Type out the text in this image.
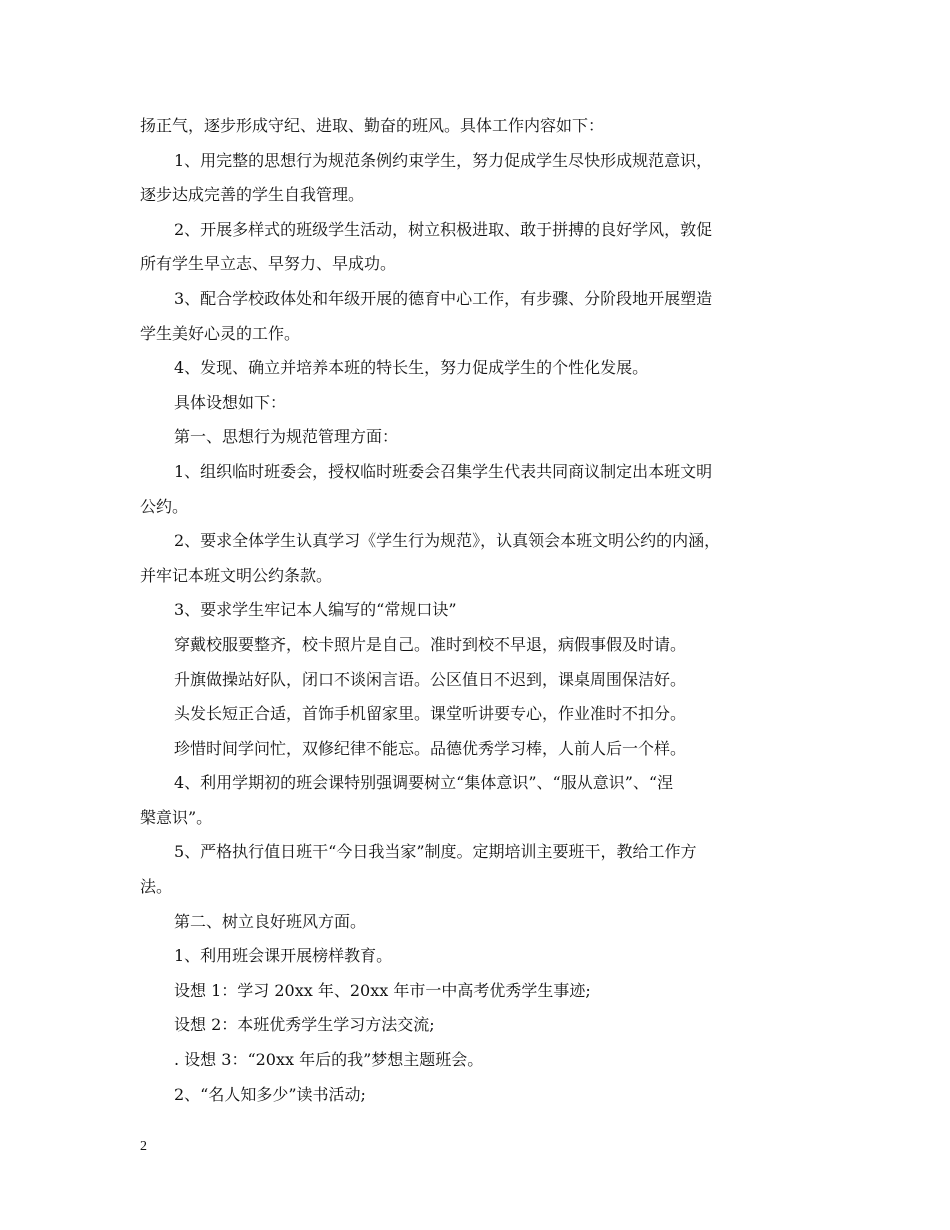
扬正气，逐步形成守纪、进取、勤奋的班风。具体工作内容如下：
1、用完整的思想行为规范条例约束学生，努力促成学生尽快形成规范意识，
逐步达成完善的学生自我管理。
2、开展多样式的班级学生活动，树立积极进取、敢于拼搏的良好学风，敦促
所有学生早立志、早努力、早成功。
3、配合学校政体处和年级开展的德育中心工作，有步骤、分阶段地开展塑造
学生美好心灵的工作。
4、发现、确立并培养本班的特长生，努力促成学生的个性化发展。
具体设想如下：
第一、思想行为规范管理方面：
1、组织临时班委会，授权临时班委会召集学生代表共同商议制定出本班文明
公约。
2、要求全体学生认真学习《学生行为规范》，认真领会本班文明公约的内涵，
并牢记本班文明公约条款。
3、要求学生牢记本人编写的“常规口诀”
穿戴校服要整齐，校卡照片是自己。准时到校不早退，病假事假及时请。
升旗做操站好队，闭口不谈闲言语。公区值日不迟到，课桌周围保洁好。
头发长短正合适，首饰手机留家里。课堂听讲要专心，作业准时不扣分。
珍惜时间学问忙，双修纪律不能忘。品德优秀学习棒，人前人后一个样。
4、利用学期初的班会课特别强调要树立“集体意识”、“服从意识”、“涅
槃意识”。
5、严格执行值日班干“今日我当家”制度。定期培训主要班干，教给工作方
法。
第二、树立良好班风方面。
1、利用班会课开展榜样教育。
设想 1：学习 20xx 年、20xx 年市一中高考优秀学生事迹;
设想 2：本班优秀学生学习方法交流;
. 设想 3：“20xx 年后的我”梦想主题班会。
2、“名人知多少”读书活动;
2
